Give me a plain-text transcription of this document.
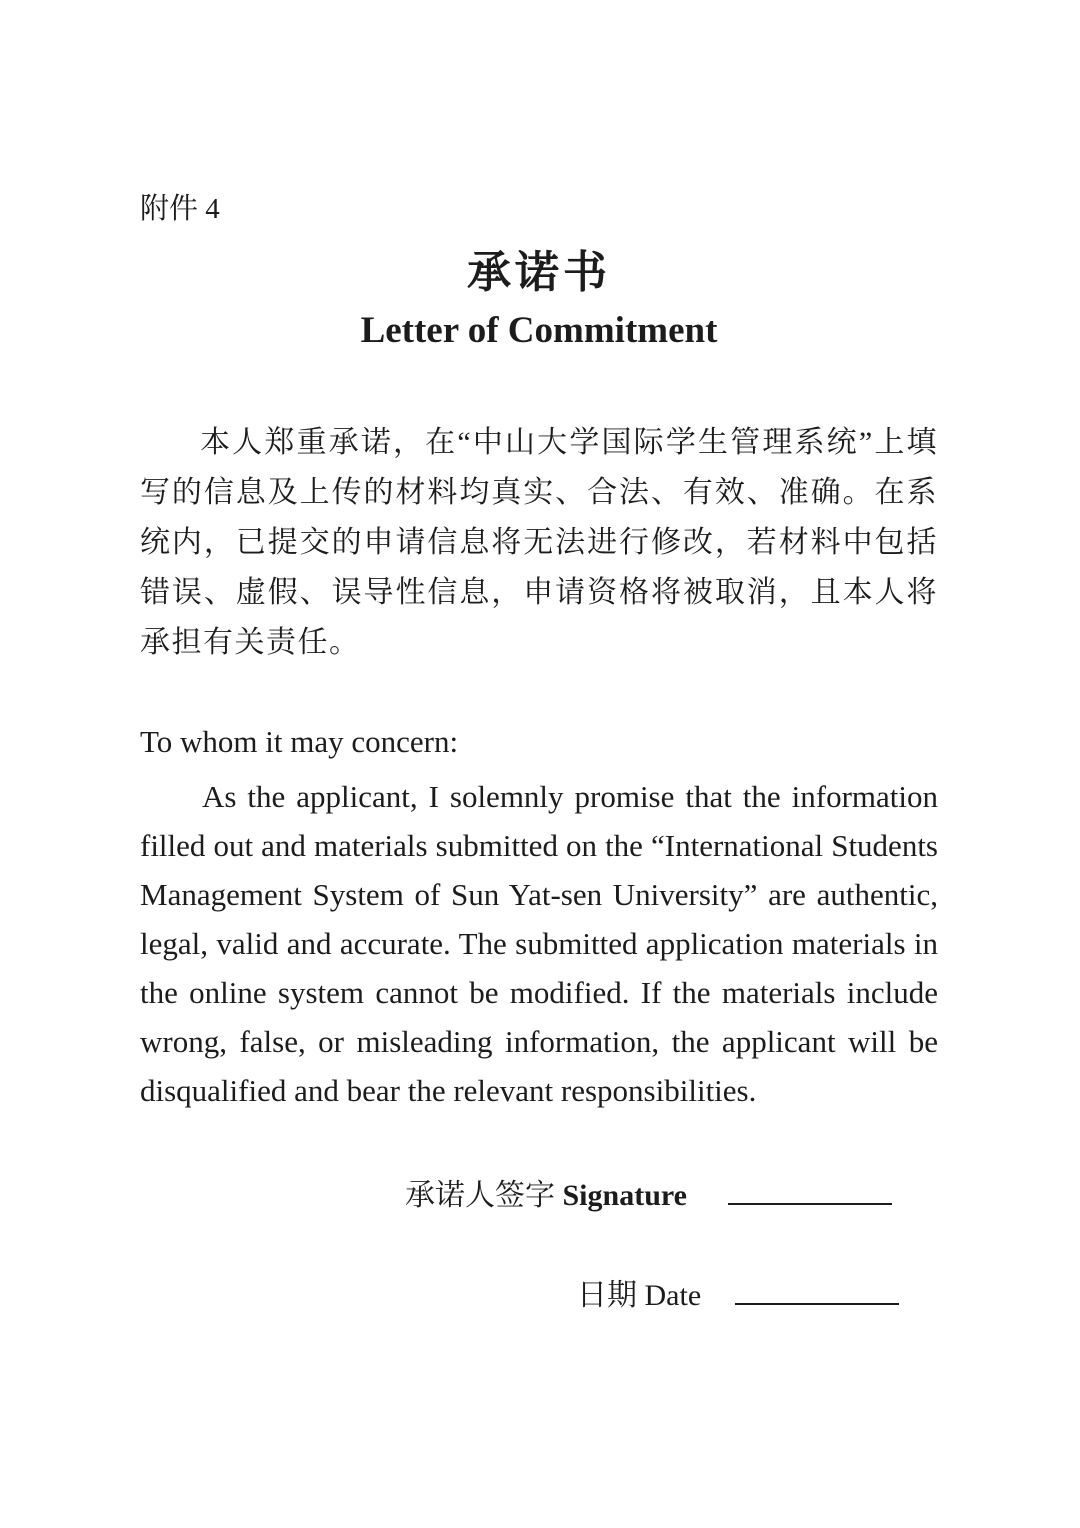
附件 4
承诺书
Letter of Commitment

本人郑重承诺，在“中山大学国际学生管理系统”上填写的信息及上传的材料均真实、合法、有效、准确。在系统内，已提交的申请信息将无法进行修改，若材料中包括错误、虚假、误导性信息，申请资格将被取消，且本人将承担有关责任。

To whom it may concern:

As the applicant, I solemnly promise that the information filled out and materials submitted on the “International Students Management System of Sun Yat-sen University” are authentic, legal, valid and accurate. The submitted application materials in the online system cannot be modified. If the materials include wrong, false, or misleading information, the applicant will be disqualified and bear the relevant responsibilities.

承诺人签字 Signature
日期 Date
